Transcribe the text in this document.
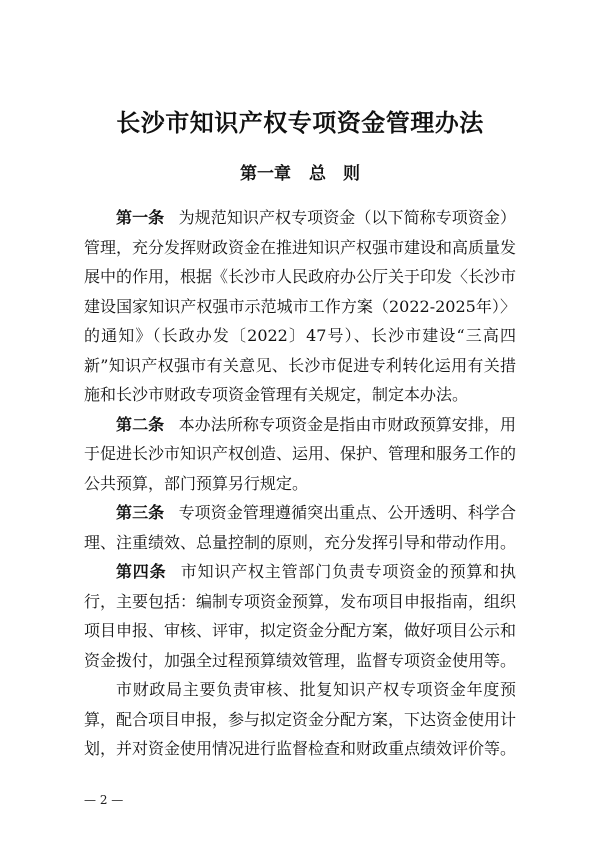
长沙市知识产权专项资金管理办法
第一章 总　则

第一条 为规范知识产权专项资金（以下简称专项资金）管理，充分发挥财政资金在推进知识产权强市建设和高质量发展中的作用，根据《长沙市人民政府办公厅关于印发〈长沙市建设国家知识产权强市示范城市工作方案（2022-2025年）〉的通知》（长政办发〔2022〕47号）、长沙市建设“三高四新”知识产权强市有关意见、长沙市促进专利转化运用有关措施和长沙市财政专项资金管理有关规定，制定本办法。

第二条 本办法所称专项资金是指由市财政预算安排，用于促进长沙市知识产权创造、运用、保护、管理和服务工作的公共预算，部门预算另行规定。

第三条 专项资金管理遵循突出重点、公开透明、科学合理、注重绩效、总量控制的原则，充分发挥引导和带动作用。

第四条 市知识产权主管部门负责专项资金的预算和执行，主要包括：编制专项资金预算，发布项目申报指南，组织项目申报、审核、评审，拟定资金分配方案，做好项目公示和资金拨付，加强全过程预算绩效管理，监督专项资金使用等。

市财政局主要负责审核、批复知识产权专项资金年度预算，配合项目申报，参与拟定资金分配方案，下达资金使用计划，并对资金使用情况进行监督检查和财政重点绩效评价等。

— 2 —
